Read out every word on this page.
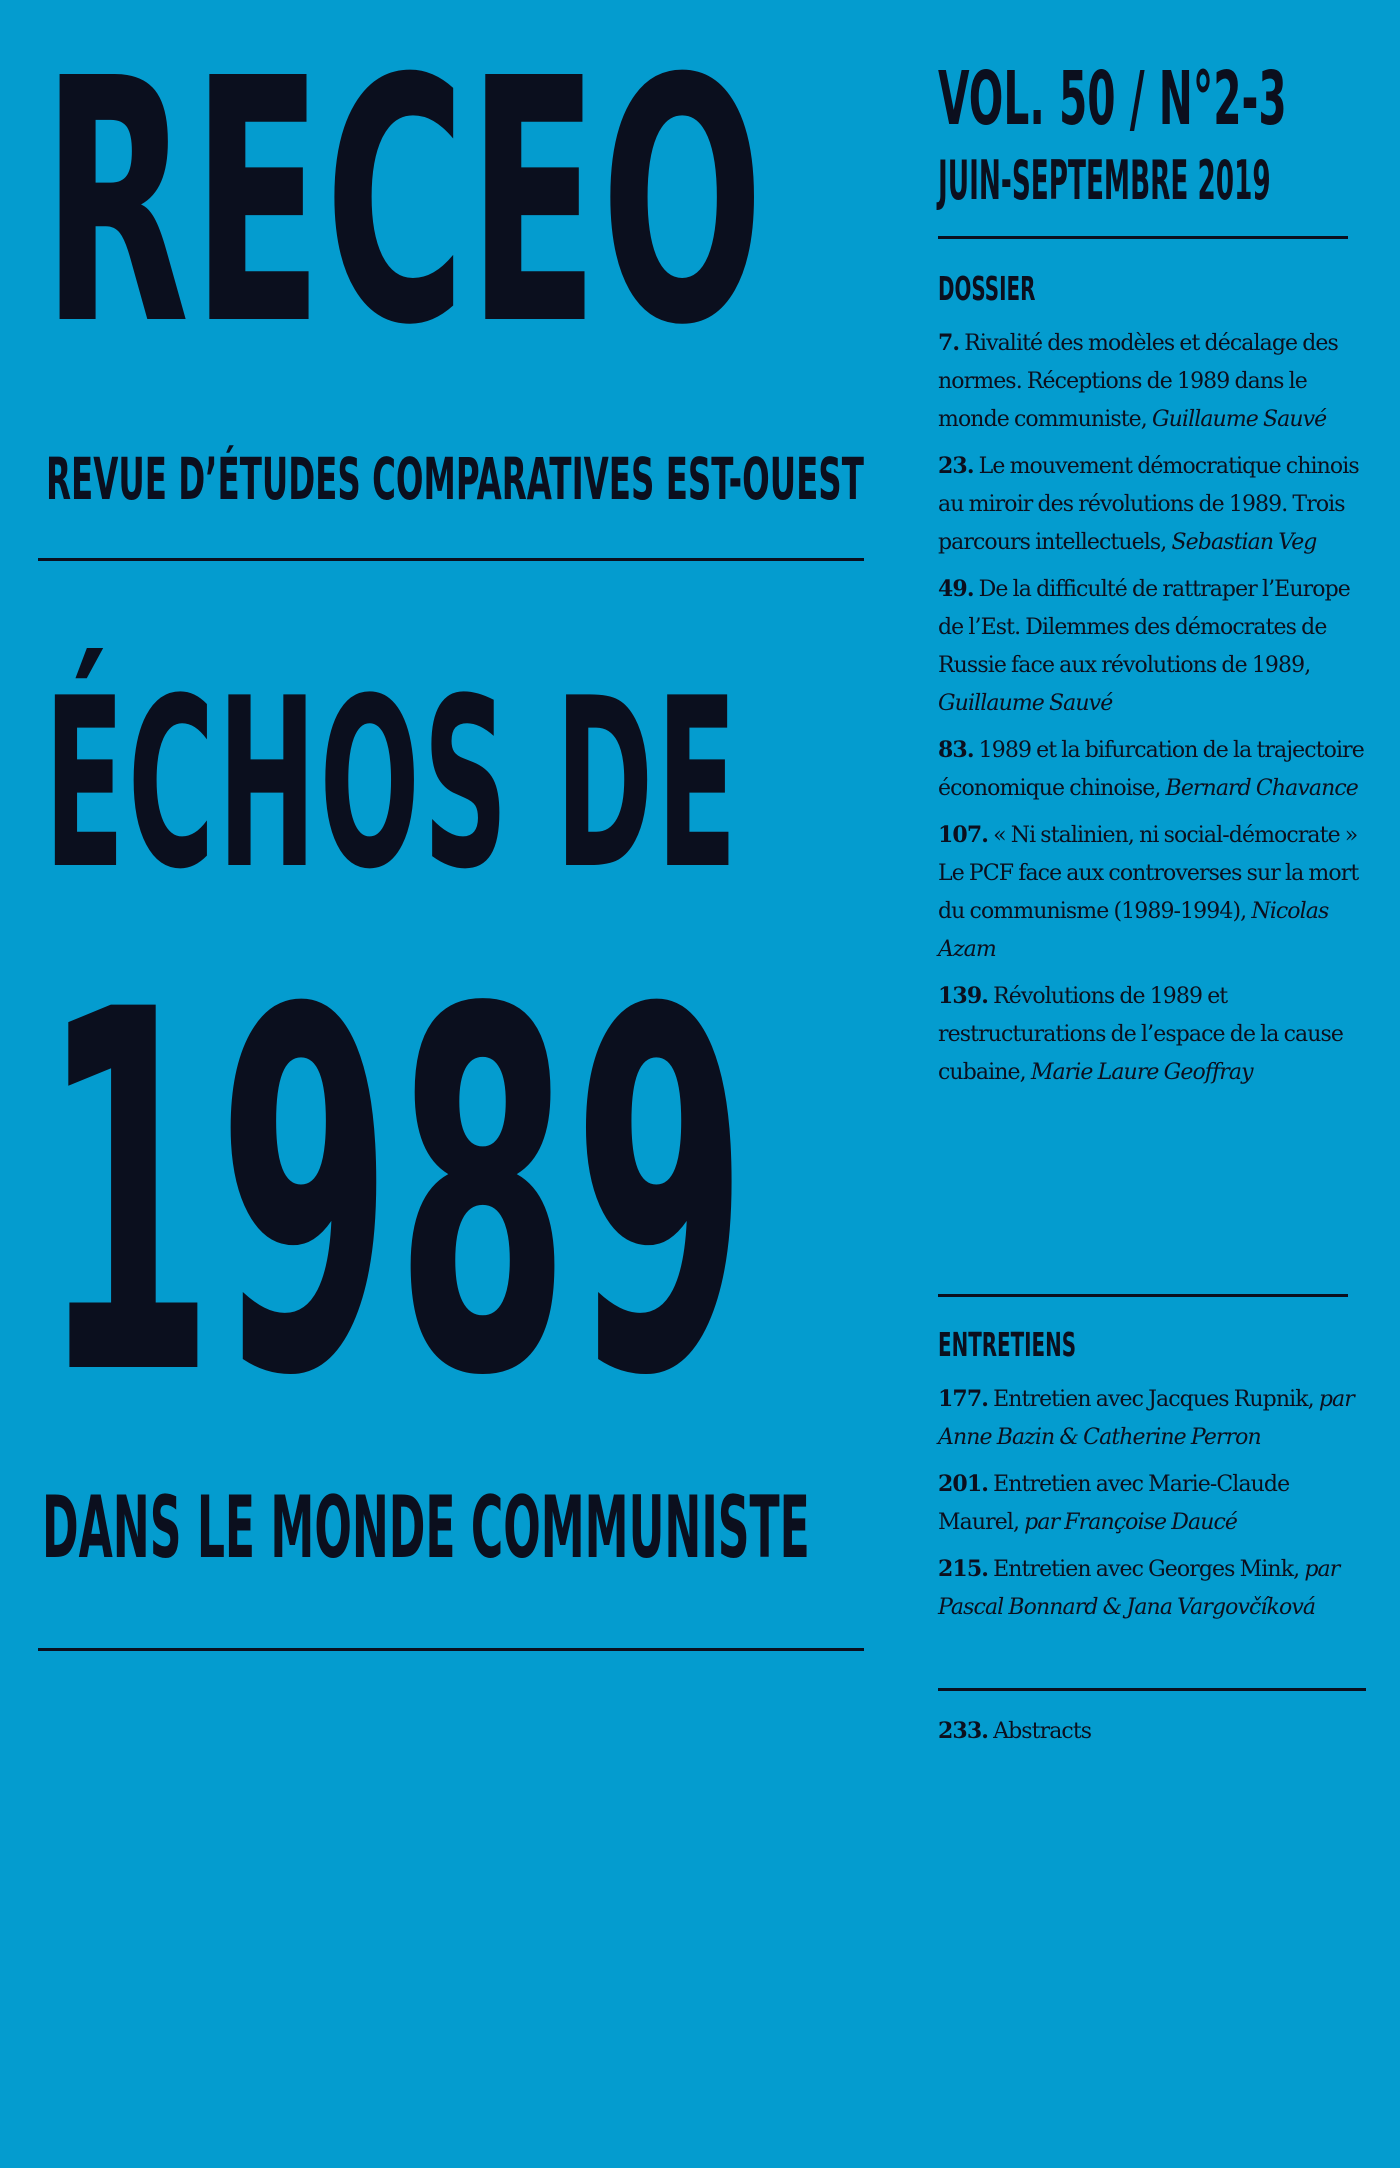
RECEO
REVUE D’ÉTUDES COMPARATIVES EST-OUEST
ÉCHOS DE
1989
DANS LE MONDE COMMUNISTE
VOL. 50 / N°2-3
JUIN-SEPTEMBRE 2019
DOSSIER

7. Rivalité des modèles et décalage des normes. Réceptions de 1989 dans le monde communiste, Guillaume Sauvé

23. Le mouvement démocratique chinois au miroir des révolutions de 1989. Trois parcours intellectuels, Sebastian Veg

49. De la difficulté de rattraper l’Europe de l’Est. Dilemmes des démocrates de Russie face aux révolutions de 1989, Guillaume Sauvé

83. 1989 et la bifurcation de la trajectoire économique chinoise, Bernard Chavance

107. « Ni stalinien, ni social-démocrate » Le PCF face aux controverses sur la mort du communisme (1989-1994), Nicolas Azam

139. Révolutions de 1989 et restructurations de l’espace de la cause cubaine, Marie Laure Geoffray

ENTRETIENS

177. Entretien avec Jacques Rupnik, par Anne Bazin & Catherine Perron

201. Entretien avec Marie-Claude Maurel, par Françoise Daucé

215. Entretien avec Georges Mink, par Pascal Bonnard & Jana Vargovčíková

233. Abstracts
